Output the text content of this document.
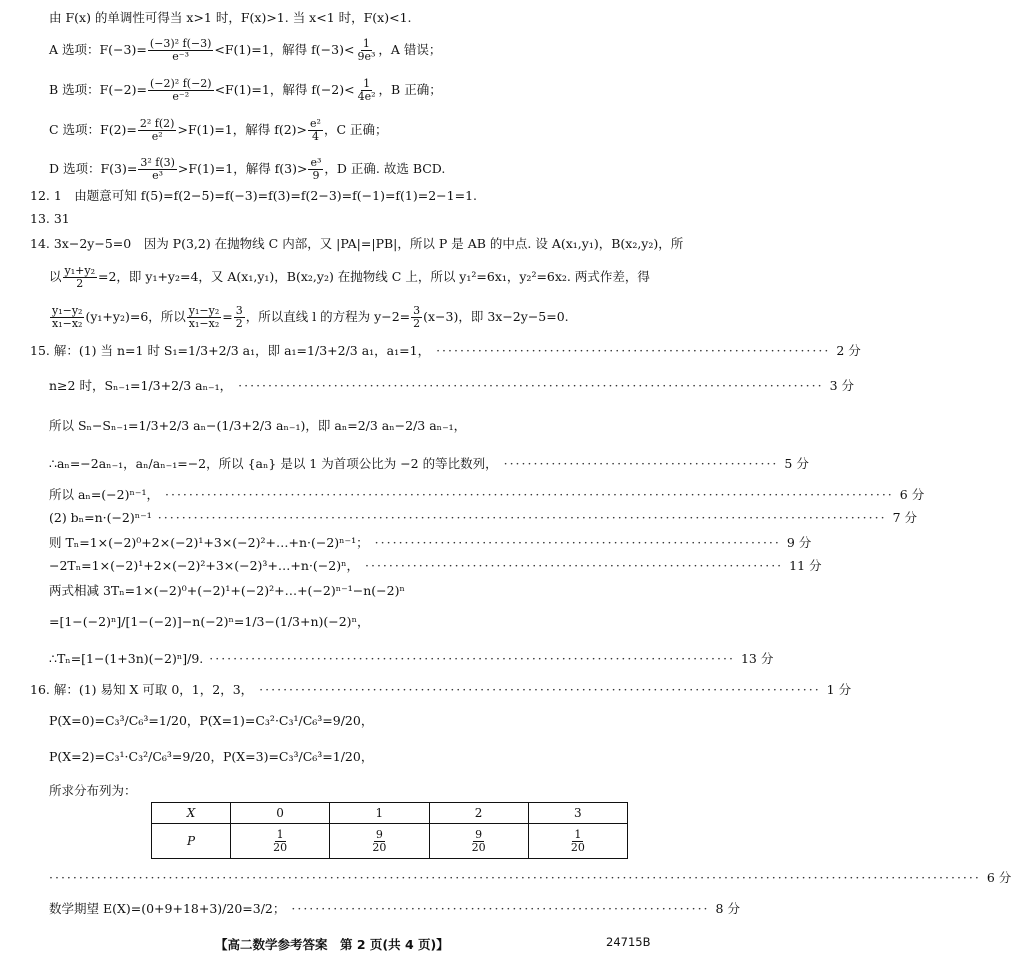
由 F(x) 的单调性可得当 x>1 时，F(x)>1. 当 x<1 时，F(x)<1.
A 选项：$F(-3)= \frac{\text{(−3)² f(−3)}}{\text{e⁻³}} <F(1)=1$，解得 $f(-3)< \frac{1}{\text{9e³}}$ ，A 错误；
B 选项：$F(-2)= \frac{\text{(−2)² f(−2)}}{\text{e⁻²}} <F(1)=1$，解得 $f(-2)< \frac{1}{\text{4e²}}$ ，B 正确；
C 选项：$F(2)= \frac{\text{2² f(2)}}{\text{e²}} >F(1)=1$，解得 $f(2)> \frac{\text{e²}}{4}$ ，C 正确；
D 选项：$F(3)= \frac{\text{3² f(3)}}{\text{e³}} >F(1)=1$，解得 $f(3)> \frac{\text{e³}}{9}$ ，D 正确. 故选 BCD.
12. 1　由题意可知 f(5)=f(2−5)=f(−3)=f(3)=f(2−3)=f(−1)=f(1)=2−1=1.
13. 31
14. 3x−2y−5=0　因为 P(3,2) 在抛物线 C 内部，又 |PA|=|PB|，所以 P 是 AB 的中点. 设 A(x₁,y₁)，B(x₂,y₂)，所
以 $\frac{\text{y₁+y₂}}{2} =2$，即 y₁+y₂=4，又 A(x₁,y₁)，B(x₂,y₂) 在抛物线 C 上，所以 y₁²=6x₁，y₂²=6x₂. 两式作差，得
$\frac{\text{y₁−y₂}}{\text{x₁−x₂}} (y_1+y_2)=6$，所以 $\frac{\text{y₁−y₂}}{\text{x₁−x₂}} = \frac{3}{2}$ ，所以直线 l 的方程为 $y-2= \frac{3}{2} (x-3)$，即 3x−2y−5=0.
15. 解：(1) 当 n=1 时 S₁=1/3+2/3 a₁，即 a₁=1/3+2/3 a₁，a₁=1， ·································································· 2 分
n≥2 时，Sₙ₋₁=1/3+2/3 aₙ₋₁， ·································································································· 3 分
所以 Sₙ−Sₙ₋₁=1/3+2/3 aₙ−(1/3+2/3 aₙ₋₁)，即 aₙ=2/3 aₙ−2/3 aₙ₋₁，
∴aₙ=−2aₙ₋₁，aₙ/aₙ₋₁=−2，所以 {aₙ} 是以 1 为首项公比为 −2 的等比数列， ·············································· 5 分
所以 aₙ=(−2)ⁿ⁻¹， ·························································································································· 6 分
(2) bₙ=n·(−2)ⁿ⁻¹ ·························································································································· 7 分
则 Tₙ=1×(−2)⁰+2×(−2)¹+3×(−2)²+…+n·(−2)ⁿ⁻¹； ···································································· 9 分
−2Tₙ=1×(−2)¹+2×(−2)²+3×(−2)³+…+n·(−2)ⁿ， ······································································ 11 分
两式相减 3Tₙ=1×(−2)⁰+(−2)¹+(−2)²+…+(−2)ⁿ⁻¹−n(−2)ⁿ
=[1−(−2)ⁿ]/[1−(−2)]−n(−2)ⁿ=1/3−(1/3+n)(−2)ⁿ，
∴Tₙ=[1−(1+3n)(−2)ⁿ]/9. ························································································ 13 分
16. 解：(1) 易知 X 可取 0，1，2，3， ······························································································ 1 分
P(X=0)=C₃³/C₆³=1/20，P(X=1)=C₃²·C₃¹/C₆³=9/20，
P(X=2)=C₃¹·C₃²/C₆³=9/20，P(X=3)=C₃³/C₆³=1/20，
所求分布列为：
X	0	1	2	3
P	$\frac{1}{20}$	$\frac{9}{20}$	$\frac{9}{20}$	$\frac{1}{20}$
···························································································································································· 6 分
数学期望 E(X)=(0+9+18+3)/20=3/2； ······································································ 8 分
【高二数学参考答案　第 2 页(共 4 页)】	24715B
